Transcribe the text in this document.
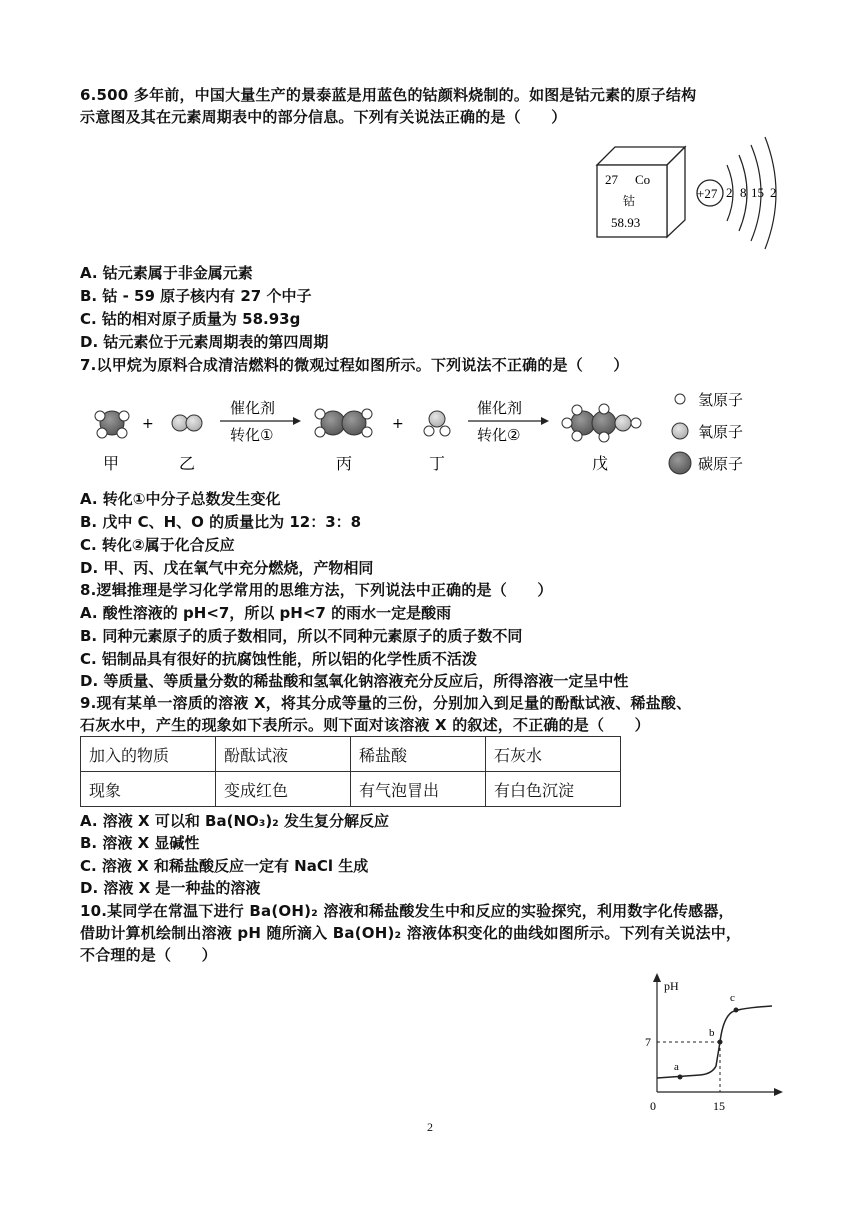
6.500 多年前，中国大量生产的景泰蓝是用蓝色的钴颜料烧制的。如图是钴元素的原子结构
示意图及其在元素周期表中的部分信息。下列有关说法正确的是（　　）
27 Co
钴
58.93
+27 2 8 15 2
A. 钴元素属于非金属元素
B. 钴 - 59 原子核内有 27 个中子
C. 钴的相对原子质量为 58.93g
D. 钴元素位于元素周期表的第四周期
7.以甲烷为原料合成清洁燃料的微观过程如图所示。下列说法不正确的是（　　）
+
催化剂
转化①
+
催化剂
转化②
氢原子
氧原子
碳原子
甲	乙	丙	丁	戊
A. 转化①中分子总数发生变化
B. 戊中 C、H、O 的质量比为 12：3：8
C. 转化②属于化合反应
D. 甲、丙、戊在氧气中充分燃烧，产物相同
8.逻辑推理是学习化学常用的思维方法，下列说法中正确的是（　　）
A. 酸性溶液的 pH<7，所以 pH<7 的雨水一定是酸雨
B. 同种元素原子的质子数相同，所以不同种元素原子的质子数不同
C. 铝制品具有很好的抗腐蚀性能，所以铝的化学性质不活泼
D. 等质量、等质量分数的稀盐酸和氢氧化钠溶液充分反应后，所得溶液一定呈中性
9.现有某单一溶质的溶液 X，将其分成等量的三份，分别加入到足量的酚酞试液、稀盐酸、
石灰水中，产生的现象如下表所示。则下面对该溶液 X 的叙述，不正确的是（　　）
加入的物质	酚酞试液	稀盐酸	石灰水
现象	变成红色	有气泡冒出	有白色沉淀
A. 溶液 X 可以和 Ba(NO₃)₂ 发生复分解反应
B. 溶液 X 显碱性
C. 溶液 X 和稀盐酸反应一定有 NaCl 生成
D. 溶液 X 是一种盐的溶液
10.某同学在常温下进行 Ba(OH)₂ 溶液和稀盐酸发生中和反应的实验探究，利用数字化传感器，
借助计算机绘制出溶液 pH 随所滴入 Ba(OH)₂ 溶液体积变化的曲线如图所示。下列有关说法中，
不合理的是（　　）
pH
7
0	15
a
b
c
2
